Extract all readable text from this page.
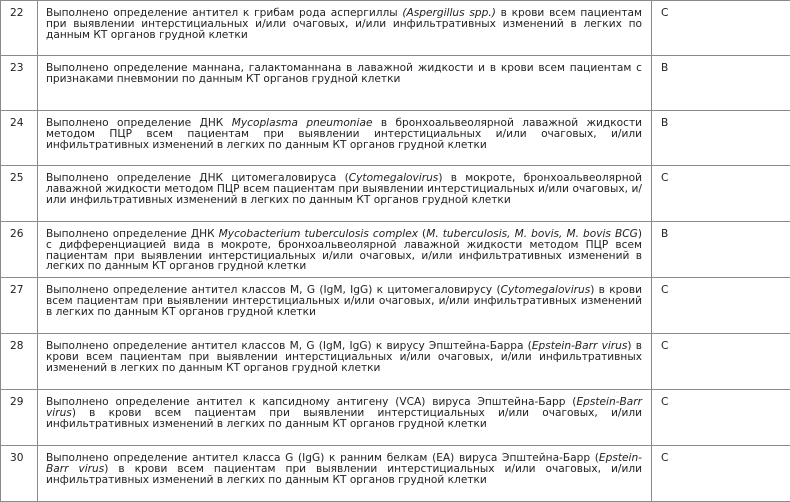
22	Выполнено определение антител к грибам рода аспергиллы (Aspergillus spp.) в крови всем пациентам при выявлении интерстициальных и/или очаговых, и/или инфильтративных изменений в легких по данным КТ органов грудной клетки	C
23	Выполнено определение маннана, галактоманнана в лаважной жидкости и в крови всем пациентам с признаками пневмонии по данным КТ органов грудной клетки	B
24	Выполнено определение ДНК Mycoplasma pneumoniae в бронхоальвеолярной лаважной жидкости методом ПЦР всем пациентам при выявлении интерстициальных и/или очаговых, и/или инфильтративных изменений в легких по данным КТ органов грудной клетки	B
25	Выполнено определение ДНК цитомегаловируса (Cytomegalovirus) в мокроте, бронхоальвеолярной лаважной жидкости методом ПЦР всем пациентам при выявлении интерстициальных и/или очаговых, и/или инфильтративных изменений в легких по данным КТ органов грудной клетки	C
26	Выполнено определение ДНК Mycobacterium tuberculosis complex (M. tuberculosis, M. bovis, M. bovis BCG) с дифференциацией вида в мокроте, бронхоальвеолярной лаважной жидкости методом ПЦР всем пациентам при выявлении интерстициальных и/или очаговых, и/или инфильтративных изменений в легких по данным КТ органов грудной клетки	B
27	Выполнено определение антител классов M, G (IgM, IgG) к цитомегаловирусу (Cytomegalovirus) в крови всем пациентам при выявлении интерстициальных и/или очаговых, и/или инфильтративных изменений в легких по данным КТ органов грудной клетки	C
28	Выполнено определение антител классов M, G (IgM, IgG) к вирусу Эпштейна-Барра (Epstein-Barr virus) в крови всем пациентам при выявлении интерстициальных и/или очаговых, и/или инфильтративных изменений в легких по данным КТ органов грудной клетки	C
29	Выполнено определение антител к капсидному антигену (VCA) вируса Эпштейна-Барр (Epstein-Barr virus) в крови всем пациентам при выявлении интерстициальных и/или очаговых, и/или инфильтративных изменений в легких по данным КТ органов грудной клетки	C
30	Выполнено определение антител класса G (IgG) к ранним белкам (EA) вируса Эпштейна-Барр (Epstein-Barr virus) в крови всем пациентам при выявлении интерстициальных и/или очаговых, и/или инфильтративных изменений в легких по данным КТ органов грудной клетки	C
